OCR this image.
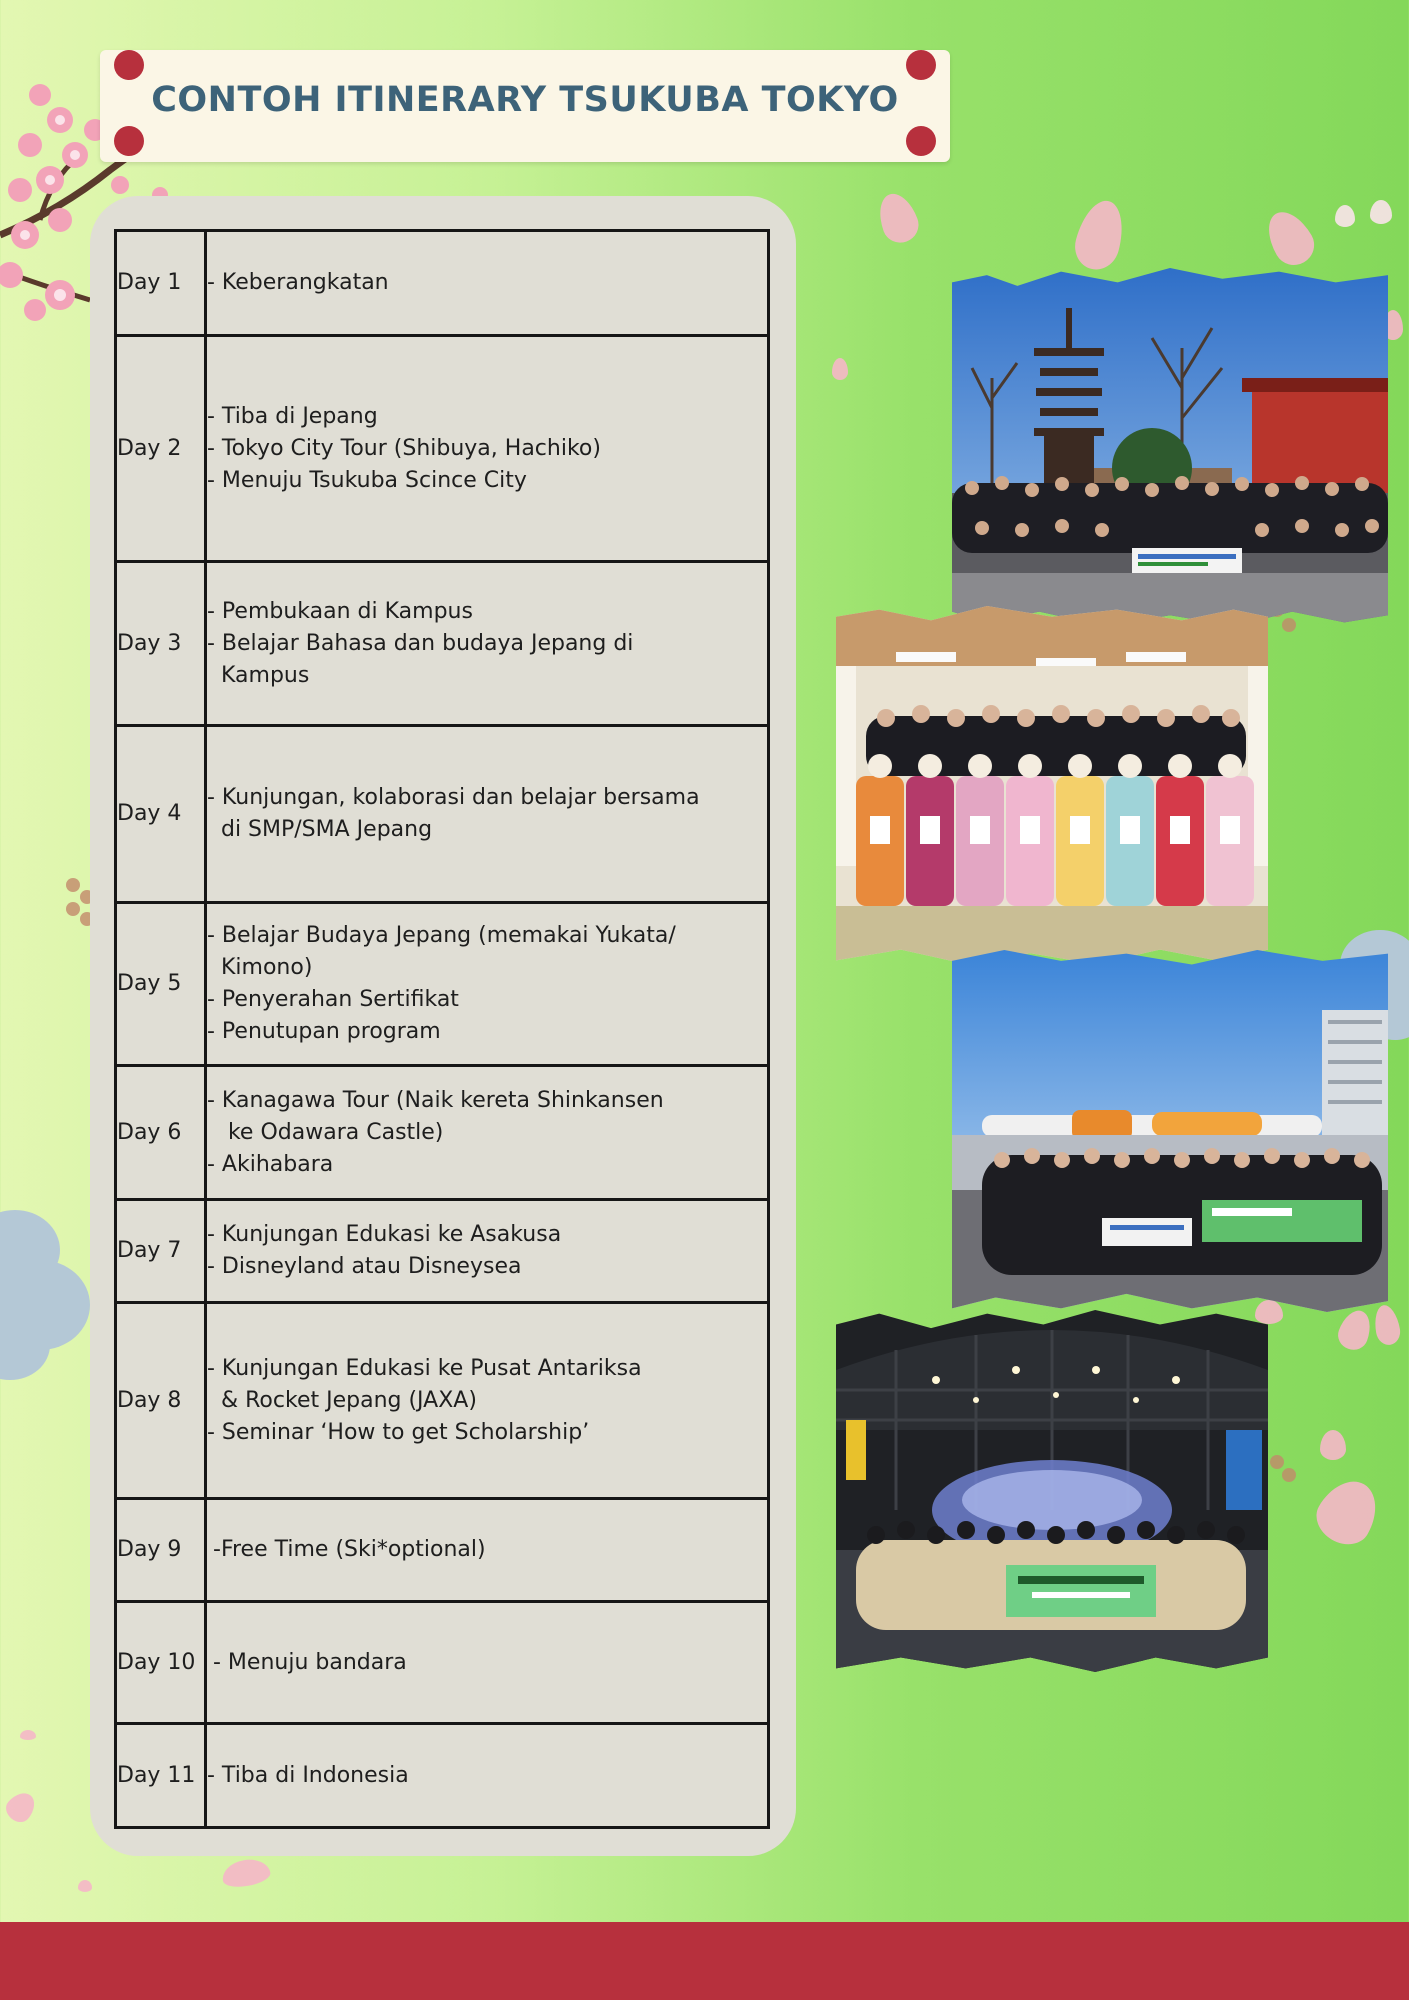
CONTOH ITINERARY TSUKUBA TOKYO
Day 1	- Keberangkatan

Day 2	- Tiba di Jepang
- Tokyo City Tour (Shibuya, Hachiko)
- Menuju Tsukuba Scince City

Day 3	- Pembukaan di Kampus
- Belajar Bahasa dan budaya Jepang di
Kampus

Day 4	- Kunjungan, kolaborasi dan belajar bersama
di SMP/SMA Jepang

Day 5	- Belajar Budaya Jepang (memakai Yukata/
Kimono)
- Penyerahan Sertifikat
- Penutupan program

Day 6	- Kanagawa Tour (Naik kereta Shinkansen
ke Odawara Castle)
- Akihabara

Day 7	- Kunjungan Edukasi ke Asakusa
- Disneyland atau Disneysea

Day 8	- Kunjungan Edukasi ke Pusat Antariksa
& Rocket Jepang (JAXA)
- Seminar ‘How to get Scholarship’

Day 9	-Free Time (Ski*optional)

Day 10	- Menuju bandara

Day 11	- Tiba di Indonesia
